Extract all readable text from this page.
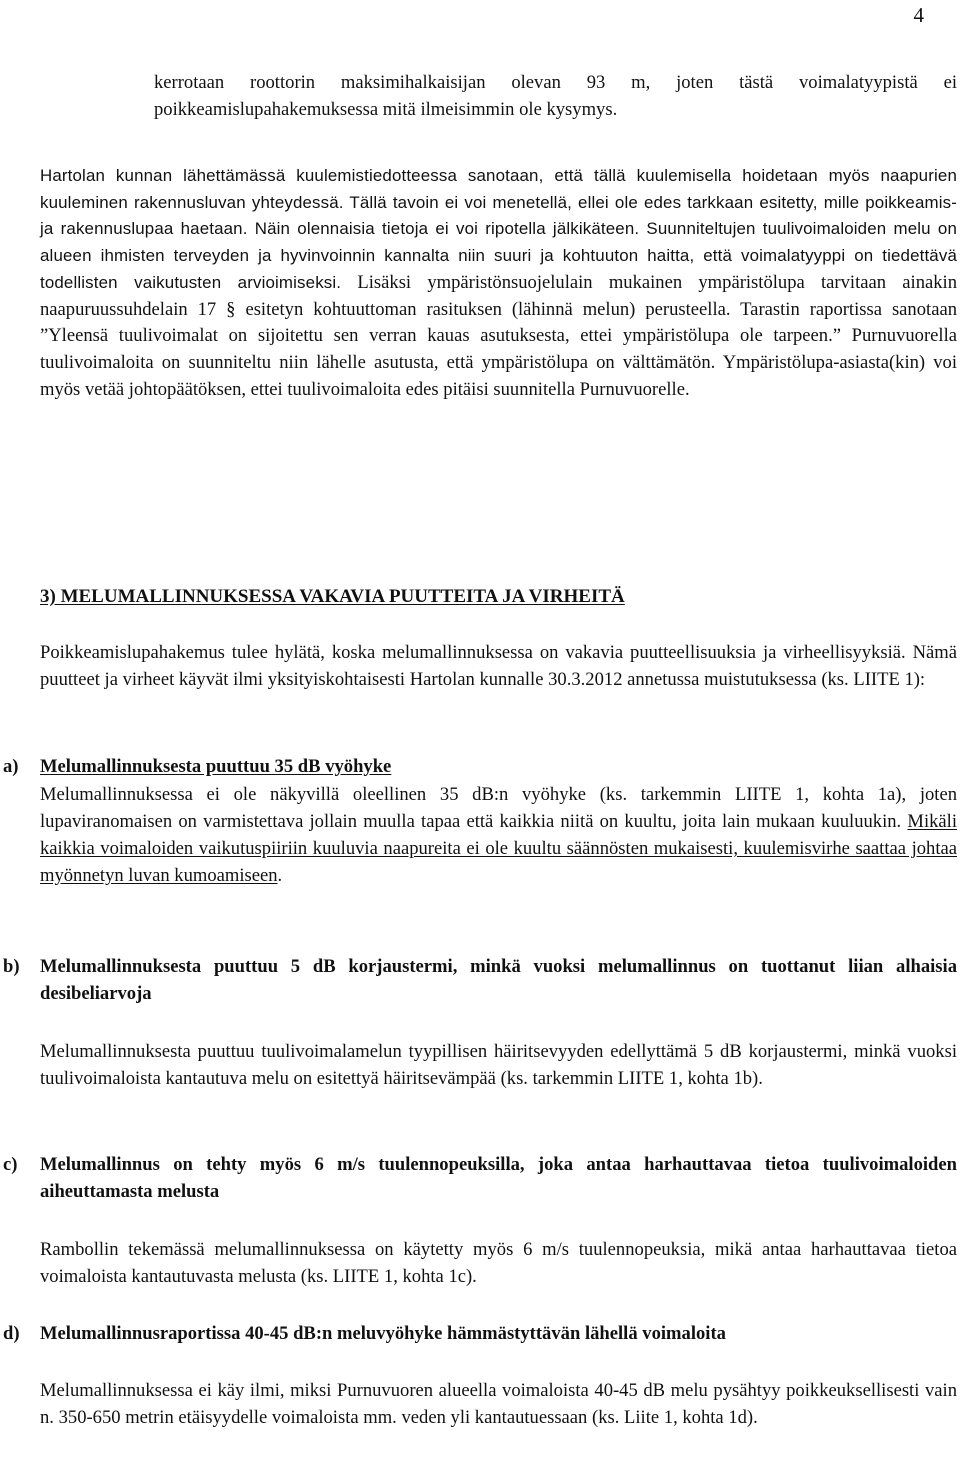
4

kerrotaan roottorin maksimihalkaisijan olevan 93 m, joten tästä voimalatyypistä ei poikkeamislupahakemuksessa mitä ilmeisimmin ole kysymys.

Hartolan kunnan lähettämässä kuulemistiedotteessa sanotaan, että tällä kuulemisella hoidetaan myös naapurien kuuleminen rakennusluvan yhteydessä. Tällä tavoin ei voi menetellä, ellei ole edes tarkkaan esitetty, mille poikkeamis- ja rakennuslupaa haetaan. Näin olennaisia tietoja ei voi ripotella jälkikäteen. Suunniteltujen tuulivoimaloiden melu on alueen ihmisten terveyden ja hyvinvoinnin kannalta niin suuri ja kohtuuton haitta, että voimalatyyppi on tiedettävä todellisten vaikutusten arvioimiseksi. Lisäksi ympäristönsuojelulain mukainen ympäristölupa tarvitaan ainakin naapuruussuhdelain 17 § esitetyn kohtuuttoman rasituksen (lähinnä melun) perusteella. Tarastin raportissa sanotaan ”Yleensä tuulivoimalat on sijoitettu sen verran kauas asutuksesta, ettei ympäristölupa ole tarpeen.” Purnuvuorella tuulivoimaloita on suunniteltu niin lähelle asutusta, että ympäristölupa on välttämätön. Ympäristölupa-asiasta(kin) voi myös vetää johtopäätöksen, ettei tuulivoimaloita edes pitäisi suunnitella Purnuvuorelle.

3) MELUMALLINNUKSESSA VAKAVIA PUUTTEITA JA VIRHEITÄ

Poikkeamislupahakemus tulee hylätä, koska melumallinnuksessa on vakavia puutteellisuuksia ja virheellisyyksiä. Nämä puutteet ja virheet käyvät ilmi yksityiskohtaisesti Hartolan kunnalle 30.3.2012 annetussa muistutuksessa (ks. LIITE 1):

a)	Melumallinnuksesta puuttuu 35 dB vyöhyke

Melumallinnuksessa ei ole näkyvillä oleellinen 35 dB:n vyöhyke (ks. tarkemmin LIITE 1, kohta 1a), joten lupaviranomaisen on varmistettava jollain muulla tapaa että kaikkia niitä on kuultu, joita lain mukaan kuuluukin. Mikäli kaikkia voimaloiden vaikutuspiiriin kuuluvia naapureita ei ole kuultu säännösten mukaisesti, kuulemisvirhe saattaa johtaa myönnetyn luvan kumoamiseen.

b)	Melumallinnuksesta puuttuu 5 dB korjaustermi, minkä vuoksi melumallinnus on tuottanut liian alhaisia desibeliarvoja

Melumallinnuksesta puuttuu tuulivoimalamelun tyypillisen häiritsevyyden edellyttämä 5 dB korjaustermi, minkä vuoksi tuulivoimaloista kantautuva melu on esitettyä häiritsevämpää (ks. tarkemmin LIITE 1, kohta 1b).

c)	Melumallinnus on tehty myös 6 m/s tuulennopeuksilla, joka antaa harhauttavaa tietoa tuulivoimaloiden aiheuttamasta melusta

Rambollin tekemässä melumallinnuksessa on käytetty myös 6 m/s tuulennopeuksia, mikä antaa harhauttavaa tietoa voimaloista kantautuvasta melusta (ks. LIITE 1, kohta 1c).

d)	Melumallinnusraportissa 40-45 dB:n meluvyöhyke hämmästyttävän lähellä voimaloita

Melumallinnuksessa ei käy ilmi, miksi Purnuvuoren alueella voimaloista 40-45 dB melu pysähtyy poikkeuksellisesti vain n. 350-650 metrin etäisyydelle voimaloista mm. veden yli kantautuessaan (ks. Liite 1, kohta 1d).
